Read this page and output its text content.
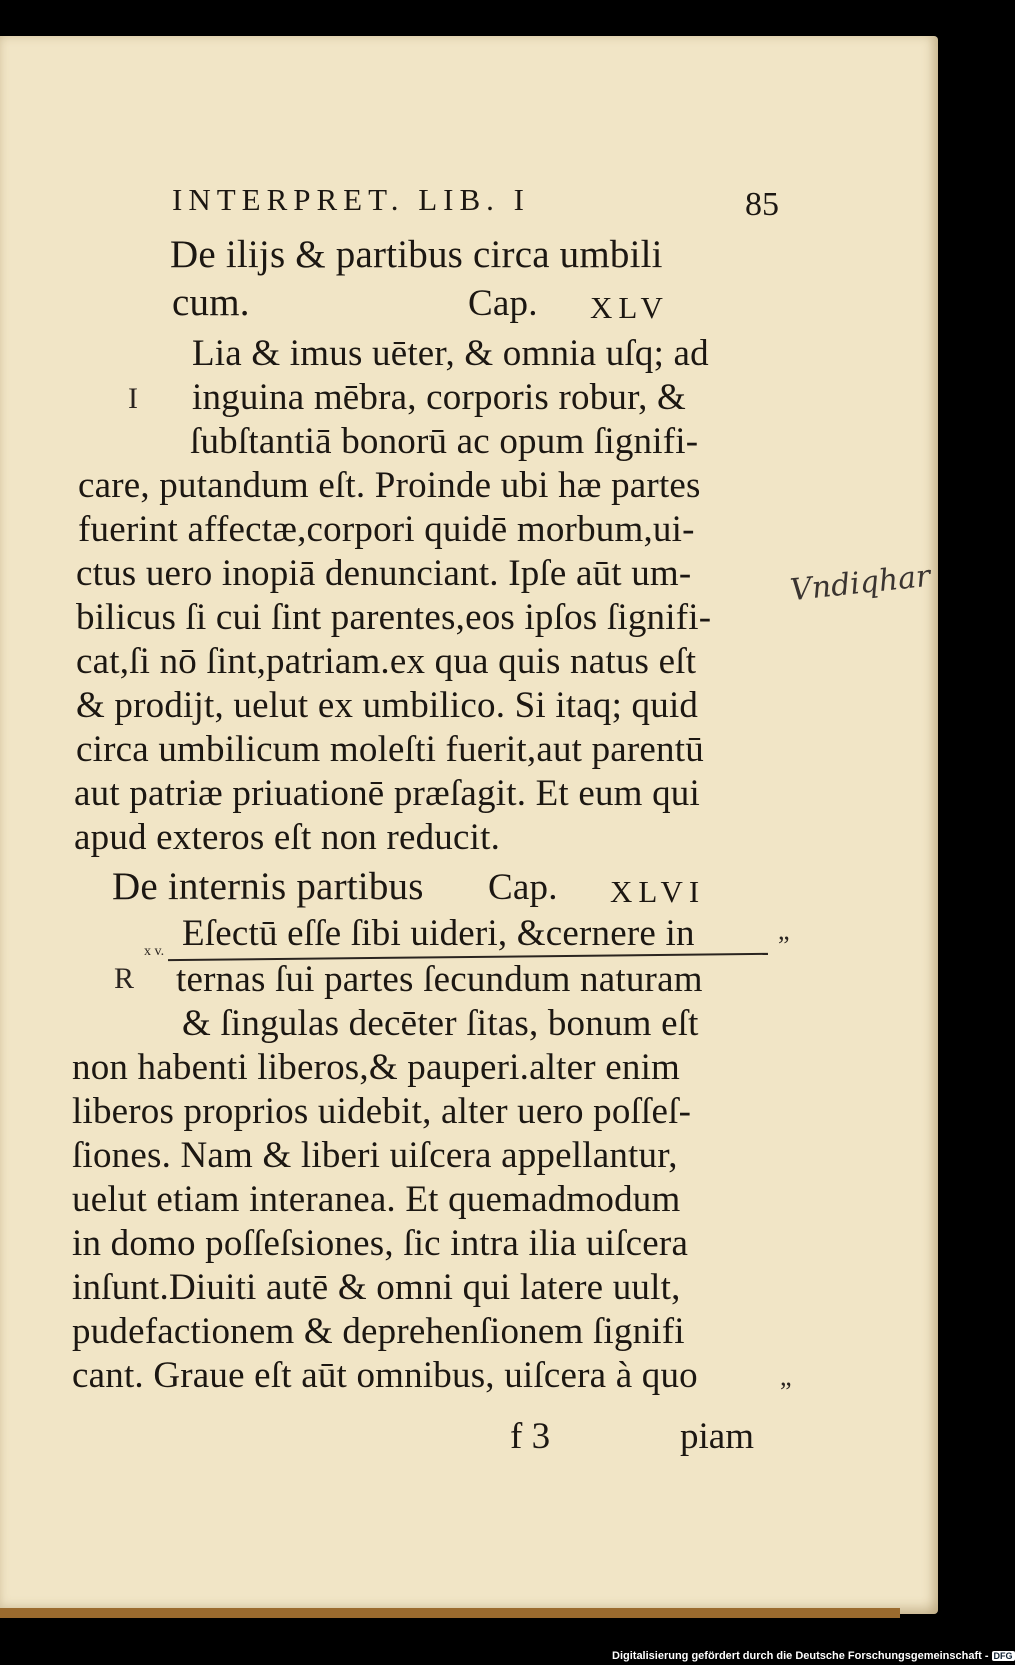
INTERPRET. LIB. I	85
De ilijs & partibus circa umbili
cum.	Cap. XLV
I
Lia & imus uēter, & omnia uſq; ad
inguina mēbra, corporis robur, &
ſubſtantiā bonorū ac opum ſignifi-
care, putandum eſt. Proinde ubi hæ partes
fuerint affectæ,corpori quidē morbum,ui-
ctus uero inopiā denunciant. Ipſe aūt um-
bilicus ſi cui ſint parentes,eos ipſos ſignifi-
cat,ſi nō ſint,patriam.ex qua quis natus eſt
& prodijt, uelut ex umbilico. Si itaq; quid
circa umbilicum moleſti fuerit,aut parentū
aut patriæ priuationē præſagit. Et eum qui
apud exteros eſt non reducit.
De internis partibus Cap. XLVI
R
x v. Eſectū eſſe ſibi uideri, &cernere in
ternas ſui partes ſecundum naturam
& ſingulas decēter ſitas, bonum eſt
non habenti liberos,& pauperi.alter enim
liberos proprios uidebit, alter uero poſſeſ-
ſiones. Nam & liberi uiſcera appellantur,
uelut etiam interanea. Et quemadmodum
in domo poſſeſsiones, ſic intra ilia uiſcera
inſunt.Diuiti autē & omni qui latere uult,
pudefactionem & deprehenſionem ſignifi
cant. Graue eſt aūt omnibus, uiſcera à quo
Vndiqhar
„
„
f 3	piam
Digitalisierung gefördert durch die Deutsche Forschungsgemeinschaft - DFG
